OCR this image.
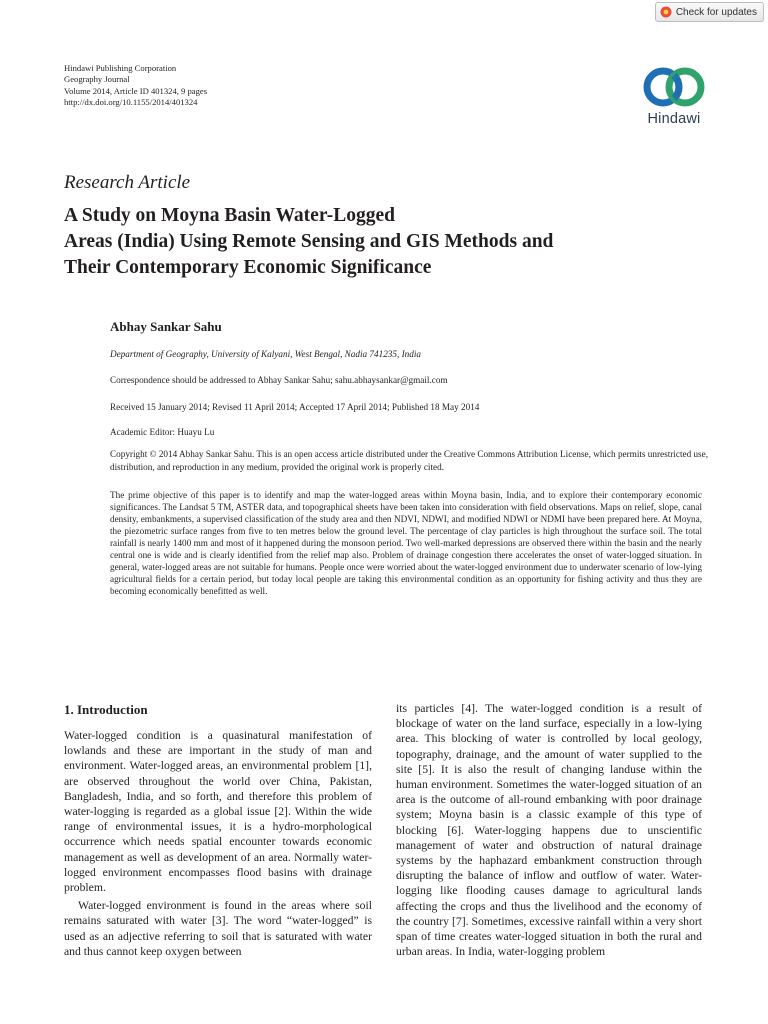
Check for updates
Hindawi Publishing Corporation
Geography Journal
Volume 2014, Article ID 401324, 9 pages
http://dx.doi.org/10.1155/2014/401324
Hindawi
Research Article
A Study on Moyna Basin Water-Logged
Areas (India) Using Remote Sensing and GIS Methods and
Their Contemporary Economic Significance
Abhay Sankar Sahu
Department of Geography, University of Kalyani, West Bengal, Nadia 741235, India
Correspondence should be addressed to Abhay Sankar Sahu; sahu.abhaysankar@gmail.com
Received 15 January 2014; Revised 11 April 2014; Accepted 17 April 2014; Published 18 May 2014
Academic Editor: Huayu Lu
Copyright © 2014 Abhay Sankar Sahu. This is an open access article distributed under the Creative Commons Attribution License, which permits unrestricted use, distribution, and reproduction in any medium, provided the original work is properly cited.
The prime objective of this paper is to identify and map the water-logged areas within Moyna basin, India, and to explore their contemporary economic significances. The Landsat 5 TM, ASTER data, and topographical sheets have been taken into consideration with field observations. Maps on relief, slope, canal density, embankments, a supervised classification of the study area and then NDVI, NDWI, and modified NDWI or NDMI have been prepared here. At Moyna, the piezometric surface ranges from five to ten metres below the ground level. The percentage of clay particles is high throughout the surface soil. The total rainfall is nearly 1400 mm and most of it happened during the monsoon period. Two well-marked depressions are observed there within the basin and the nearly central one is wide and is clearly identified from the relief map also. Problem of drainage congestion there accelerates the onset of water-logged situation. In general, water-logged areas are not suitable for humans. People once were worried about the water-logged environment due to underwater scenario of low-lying agricultural fields for a certain period, but today local people are taking this environmental condition as an opportunity for fishing activity and thus they are becoming economically benefitted as well.
1. Introduction

Water-logged condition is a quasinatural manifestation of lowlands and these are important in the study of man and environment. Water-logged areas, an environmental problem [1], are observed throughout the world over China, Pakistan, Bangladesh, India, and so forth, and therefore this problem of water-logging is regarded as a global issue [2]. Within the wide range of environmental issues, it is a hydro-morphological occurrence which needs spatial encounter towards economic management as well as development of an area. Normally water-logged environment encompasses flood basins with drainage problem.

Water-logged environment is found in the areas where soil remains saturated with water [3]. The word “water-logged” is used as an adjective referring to soil that is saturated with water and thus cannot keep oxygen between

its particles [4]. The water-logged condition is a result of blockage of water on the land surface, especially in a low-lying area. This blocking of water is controlled by local geology, topography, drainage, and the amount of water supplied to the site [5]. It is also the result of changing landuse within the human environment. Sometimes the water-logged situation of an area is the outcome of all-round embanking with poor drainage system; Moyna basin is a classic example of this type of blocking [6]. Water-logging happens due to unscientific management of water and obstruction of natural drainage systems by the haphazard embankment construction through disrupting the balance of inflow and outflow of water. Water-logging like flooding causes damage to agricultural lands affecting the crops and thus the livelihood and the economy of the country [7]. Sometimes, excessive rainfall within a very short span of time creates water-logged situation in both the rural and urban areas. In India, water-logging problem
